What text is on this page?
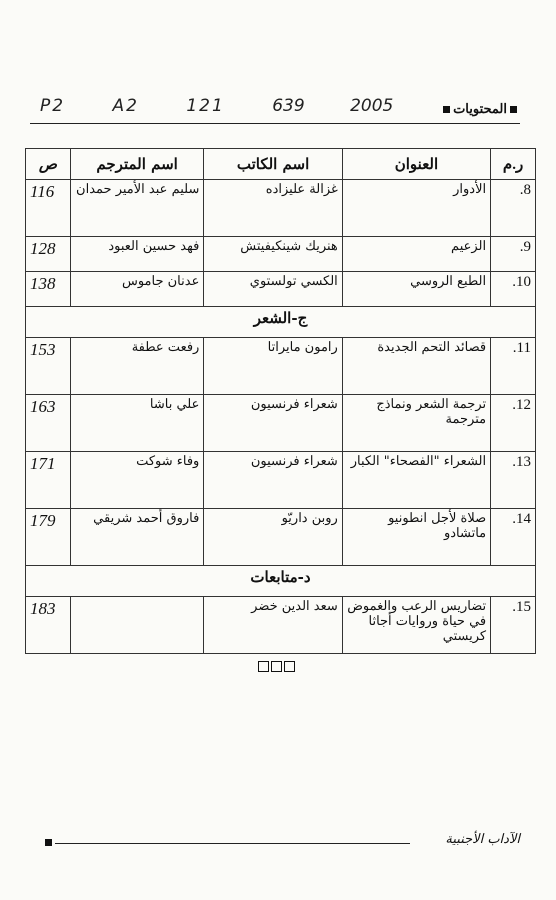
P2	A2	121	2005 639	المحتويات
ر.م	العنوان	اسم الكاتب	اسم المترجم	ص
8.	الأدوار	غزالة عليزاده	سليم عبد الأمير حمدان	116
9.	الزعيم	هنريك شينكيفيتش	فهد حسين العبود	128
10.	الطبع الروسي	الكسي تولستوي	عدنان جاموس	138
ج-الشعر				
11.	قصائد التحم الجديدة	رامون مايراتا	رفعت عطفة	153
12.	ترجمة الشعر ونماذج مترجمة	شعراء فرنسيون	علي باشا	163
13.	الشعراء "الفصحاء" الكبار	شعراء فرنسيون	وفاء شوكت	171
14.	صلاة لأجل انطونيو ماتشادو	روبن داريّو	فاروق أحمد شريقي	179
د-متابعات				
15.	تضاريس الرعب والغموض في حياة وروايات أجاثا كريستي	سعد الدين خضر		183
الآداب الأجنبية
